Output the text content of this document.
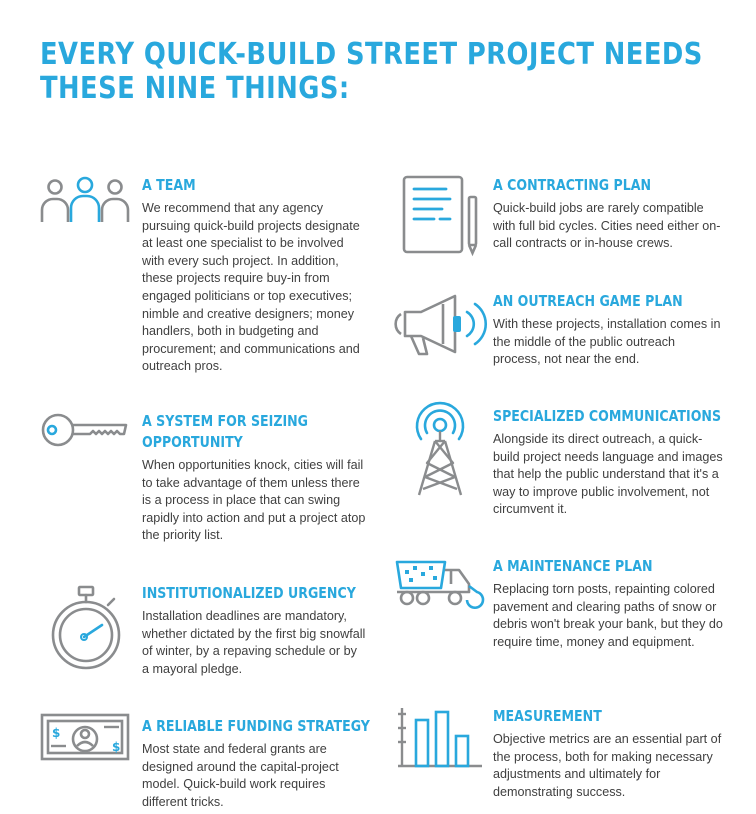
EVERY QUICK-BUILD STREET PROJECT NEEDS
THESE NINE THINGS:
A TEAM

We recommend that any agency pursuing quick-build projects designate at least one specialist to be involved with every such project. In addition, these projects require buy-in from engaged politicians or top executives; nimble and creative designers; money handlers, both in budgeting and procurement; and communications and outreach pros.

A SYSTEM FOR SEIZING
OPPORTUNITY

When opportunities knock, cities will fail to take advantage of them unless there is a process in place that can swing rapidly into action and put a project atop the priority list.

INSTITUTIONALIZED URGENCY

Installation deadlines are mandatory, whether dictated by the first big snowfall of winter, by a repaving schedule or by a mayoral pledge.

$
$
A RELIABLE FUNDING STRATEGY

Most state and federal grants are designed around the capital-project model. Quick-build work requires different tricks.

A CONTRACTING PLAN

Quick-build jobs are rarely compatible with full bid cycles. Cities need either on-call contracts or in-house crews.

AN OUTREACH GAME PLAN

With these projects, installation comes in the middle of the public outreach process, not near the end.

SPECIALIZED COMMUNICATIONS

Alongside its direct outreach, a quick-build project needs language and images that help the public understand that it's a way to improve public involvement, not circumvent it.

A MAINTENANCE PLAN

Replacing torn posts, repainting colored pavement and clearing paths of snow or debris won't break your bank, but they do require time, money and equipment.

MEASUREMENT

Objective metrics are an essential part of the process, both for making necessary adjustments and ultimately for demonstrating success.
